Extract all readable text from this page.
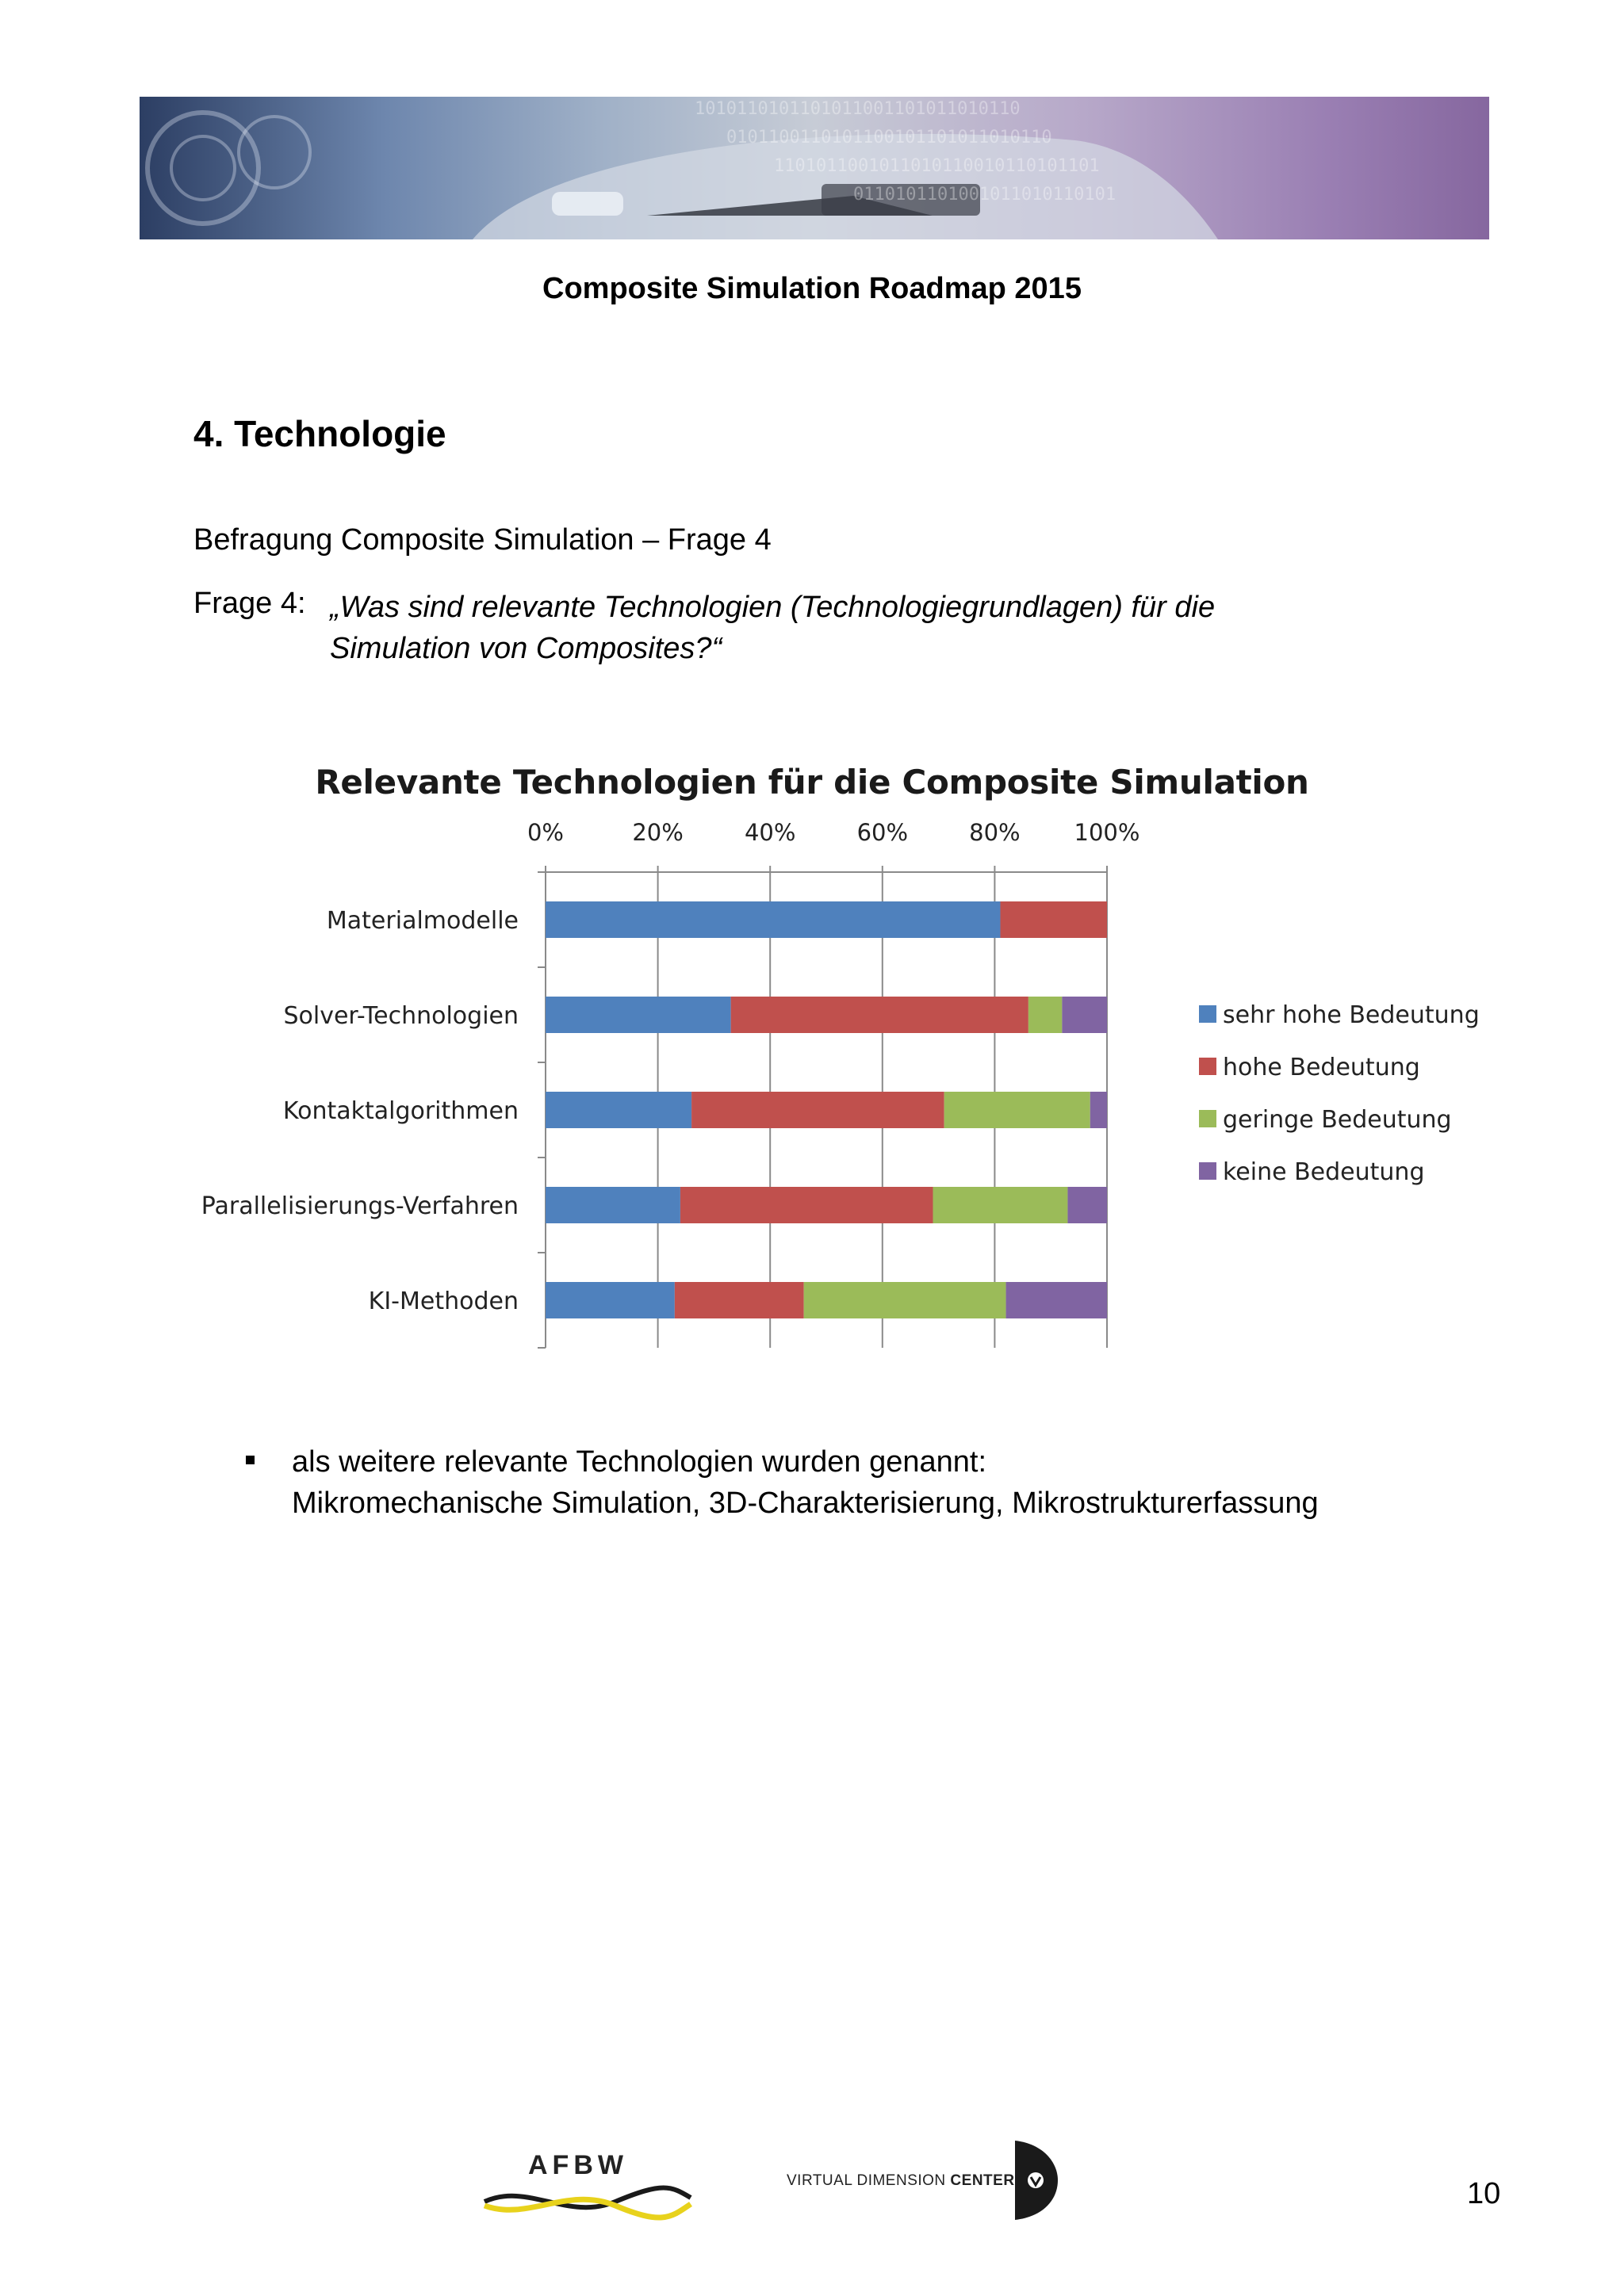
1010110101101011001101011010110
0101100110101100101101011010110
1101011001011010110010110101101
0110101101001011010110101
Composite Simulation Roadmap 2015
4. Technologie
Befragung Composite Simulation – Frage 4
Frage 4: „Was sind relevante Technologien (Technologiegrundlagen) für die
Simulation von Composites?“
Relevante Technologien für die Composite Simulation
0%	20%	40%	60%	80% 100%
Materialmodelle
Solver-Technologien
Kontaktalgorithmen
Parallelisierungs-Verfahren
KI-Methoden
sehr hohe Bedeutung
hohe Bedeutung
geringe Bedeutung
keine Bedeutung
als weitere relevante Technologien wurden genannt:
Mikromechanische Simulation, 3D-Charakterisierung, Mikrostrukturerfassung
AFBW
VIRTUAL DIMENSION CENTER	10
